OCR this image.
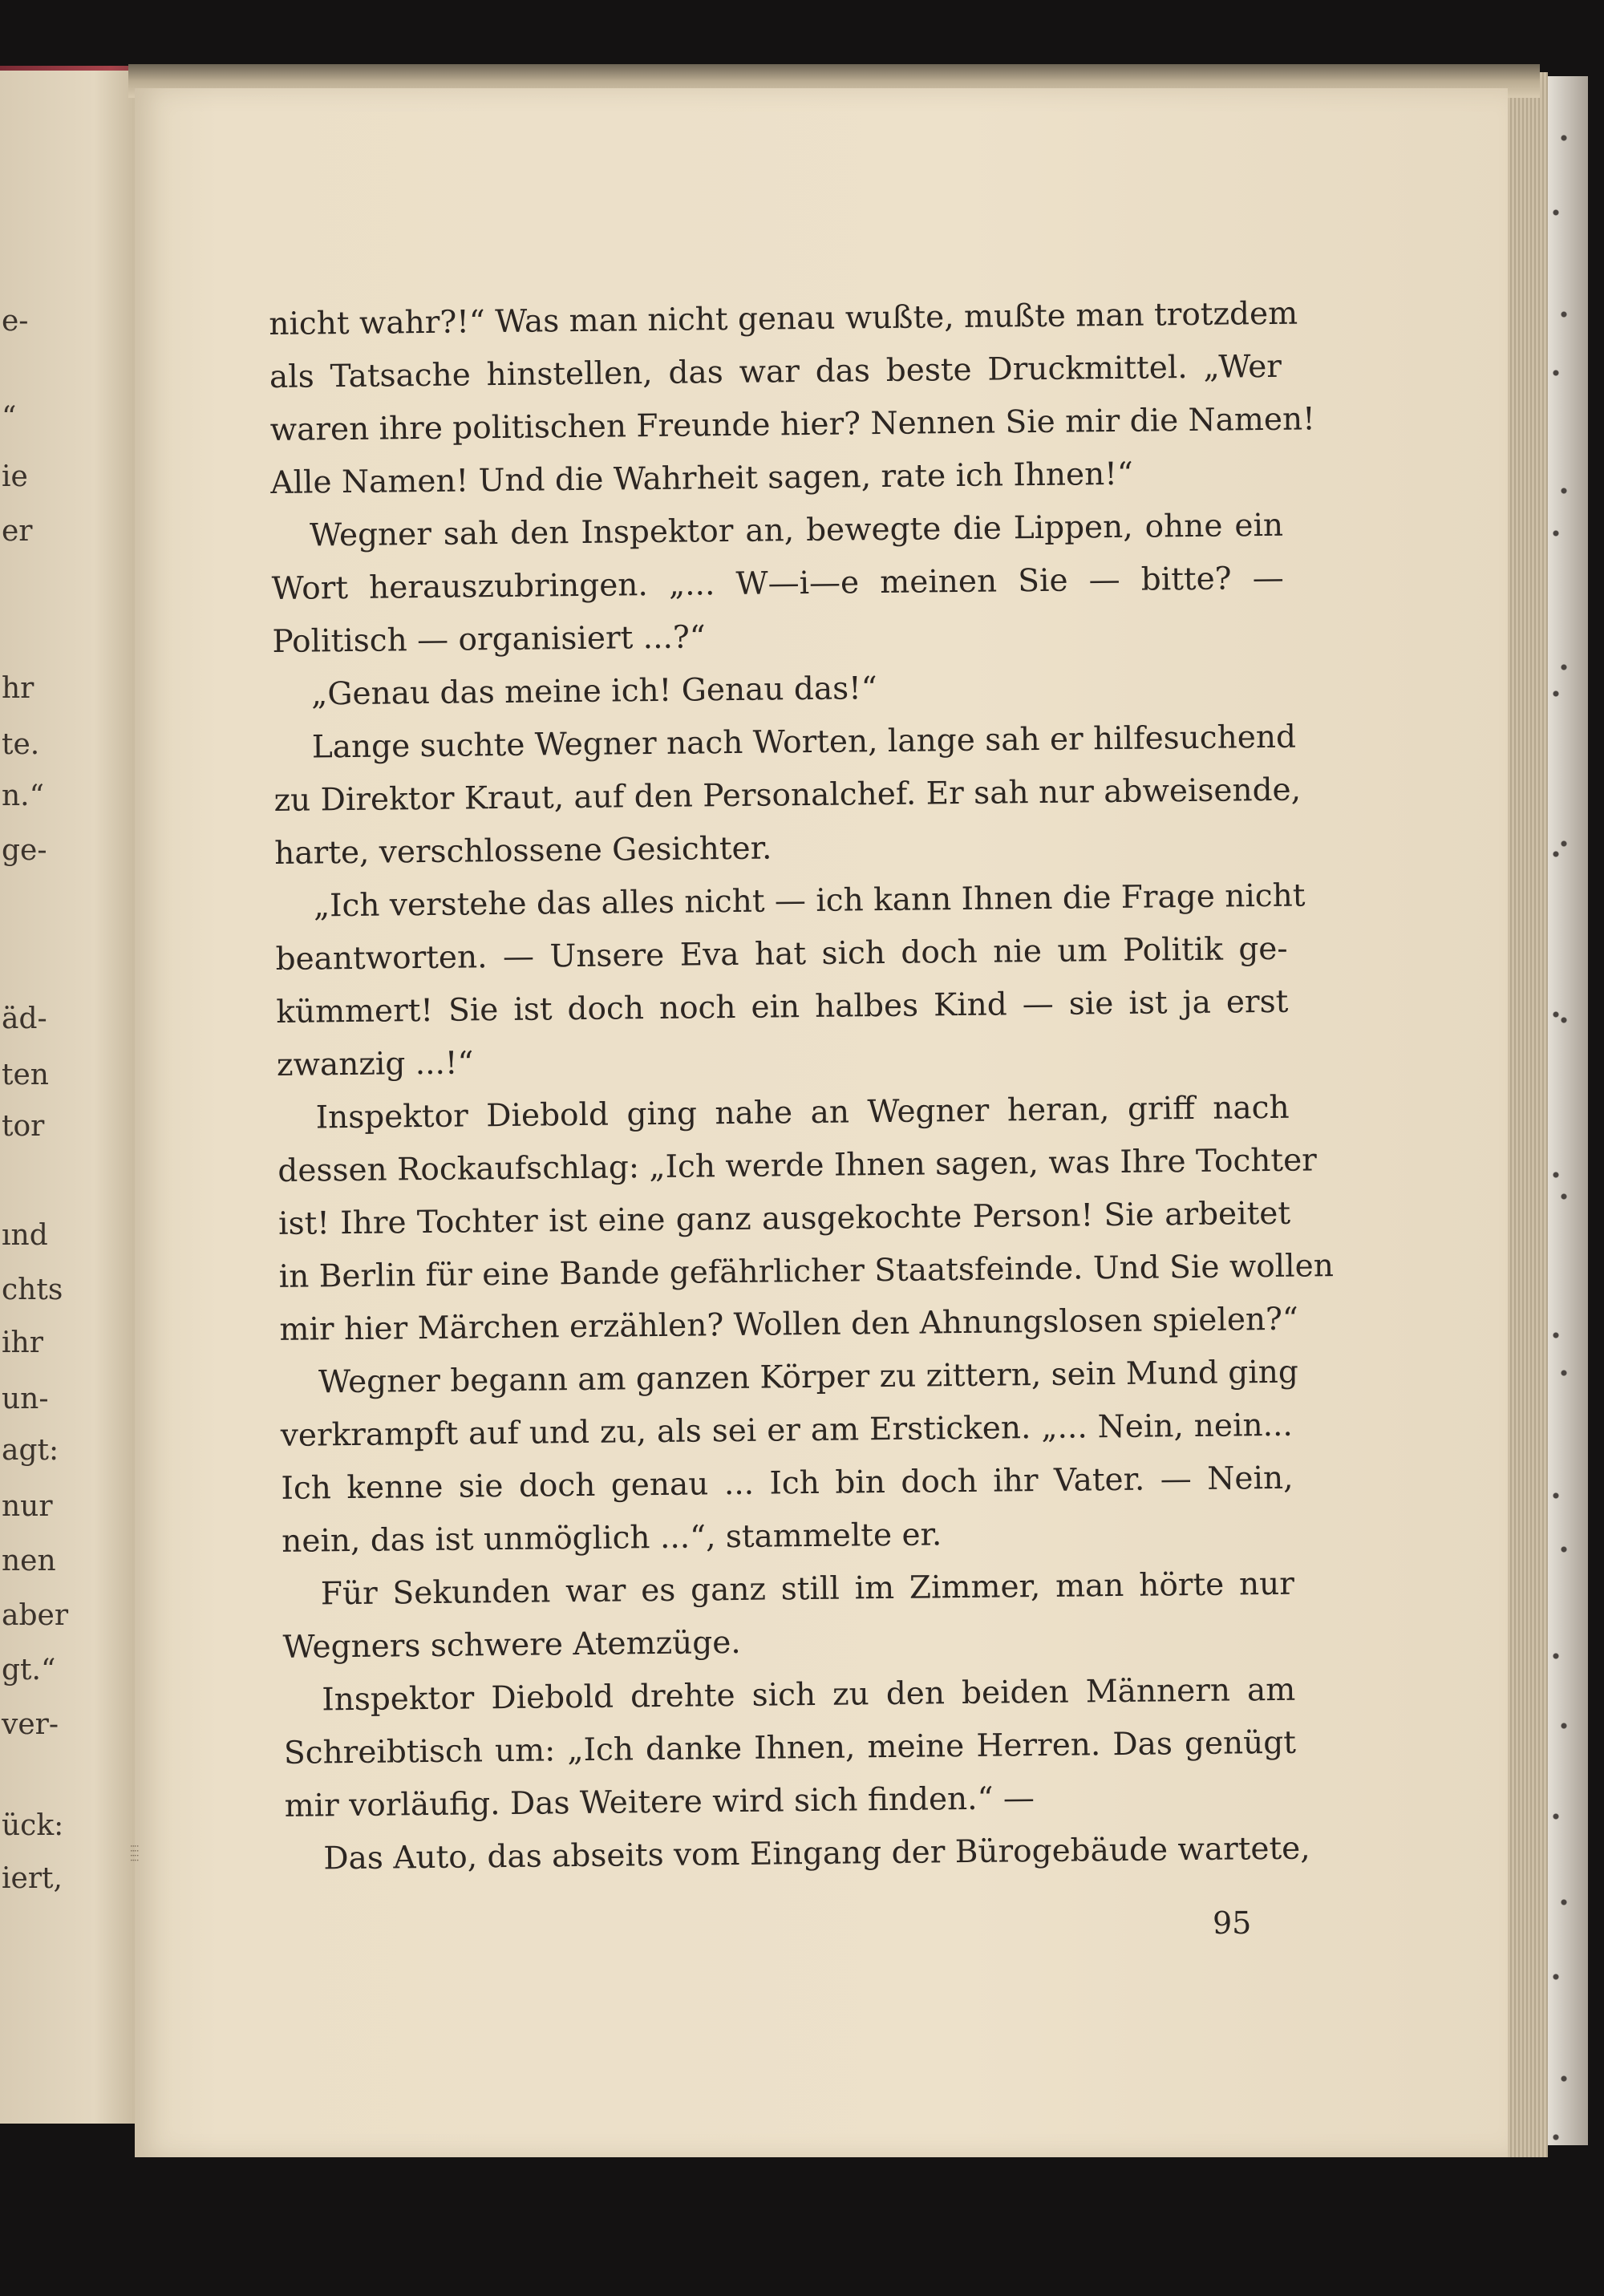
e-
“
ie
er
hr
te.
n.“
ge-
äd-
ten
tor
ınd
chts
ihr
un-
agt:
nur
nen
aber
gt.“
ver-
ück:
iert,
⁞⁞⁞⁞
nicht wahr?!“ Was man nicht genau wußte, mußte man trotzdem
als Tatsache hinstellen, das war das beste Druckmittel. „Wer
waren ihre politischen Freunde hier? Nennen Sie mir die Namen!
Alle Namen! Und die Wahrheit sagen, rate ich Ihnen!“
Wegner sah den Inspektor an, bewegte die Lippen, ohne ein
Wort herauszubringen. „... W—i—e meinen Sie — bitte? —
Politisch — organisiert ...?“
„Genau das meine ich! Genau das!“
Lange suchte Wegner nach Worten, lange sah er hilfesuchend
zu Direktor Kraut, auf den Personalchef. Er sah nur abweisende,
harte, verschlossene Gesichter.
„Ich verstehe das alles nicht — ich kann Ihnen die Frage nicht
beantworten. — Unsere Eva hat sich doch nie um Politik ge-
kümmert! Sie ist doch noch ein halbes Kind — sie ist ja erst
zwanzig ...!“
Inspektor Diebold ging nahe an Wegner heran, griff nach
dessen Rockaufschlag: „Ich werde Ihnen sagen, was Ihre Tochter
ist! Ihre Tochter ist eine ganz ausgekochte Person! Sie arbeitet
in Berlin für eine Bande gefährlicher Staatsfeinde. Und Sie wollen
mir hier Märchen erzählen? Wollen den Ahnungslosen spielen?“
Wegner begann am ganzen Körper zu zittern, sein Mund ging
verkrampft auf und zu, als sei er am Ersticken. „... Nein, nein...
Ich kenne sie doch genau ... Ich bin doch ihr Vater. — Nein,
nein, das ist unmöglich ...“, stammelte er.
Für Sekunden war es ganz still im Zimmer, man hörte nur
Wegners schwere Atemzüge.
Inspektor Diebold drehte sich zu den beiden Männern am
Schreibtisch um: „Ich danke Ihnen, meine Herren. Das genügt
mir vorläufig. Das Weitere wird sich finden.“ —
Das Auto, das abseits vom Eingang der Bürogebäude wartete,
95
